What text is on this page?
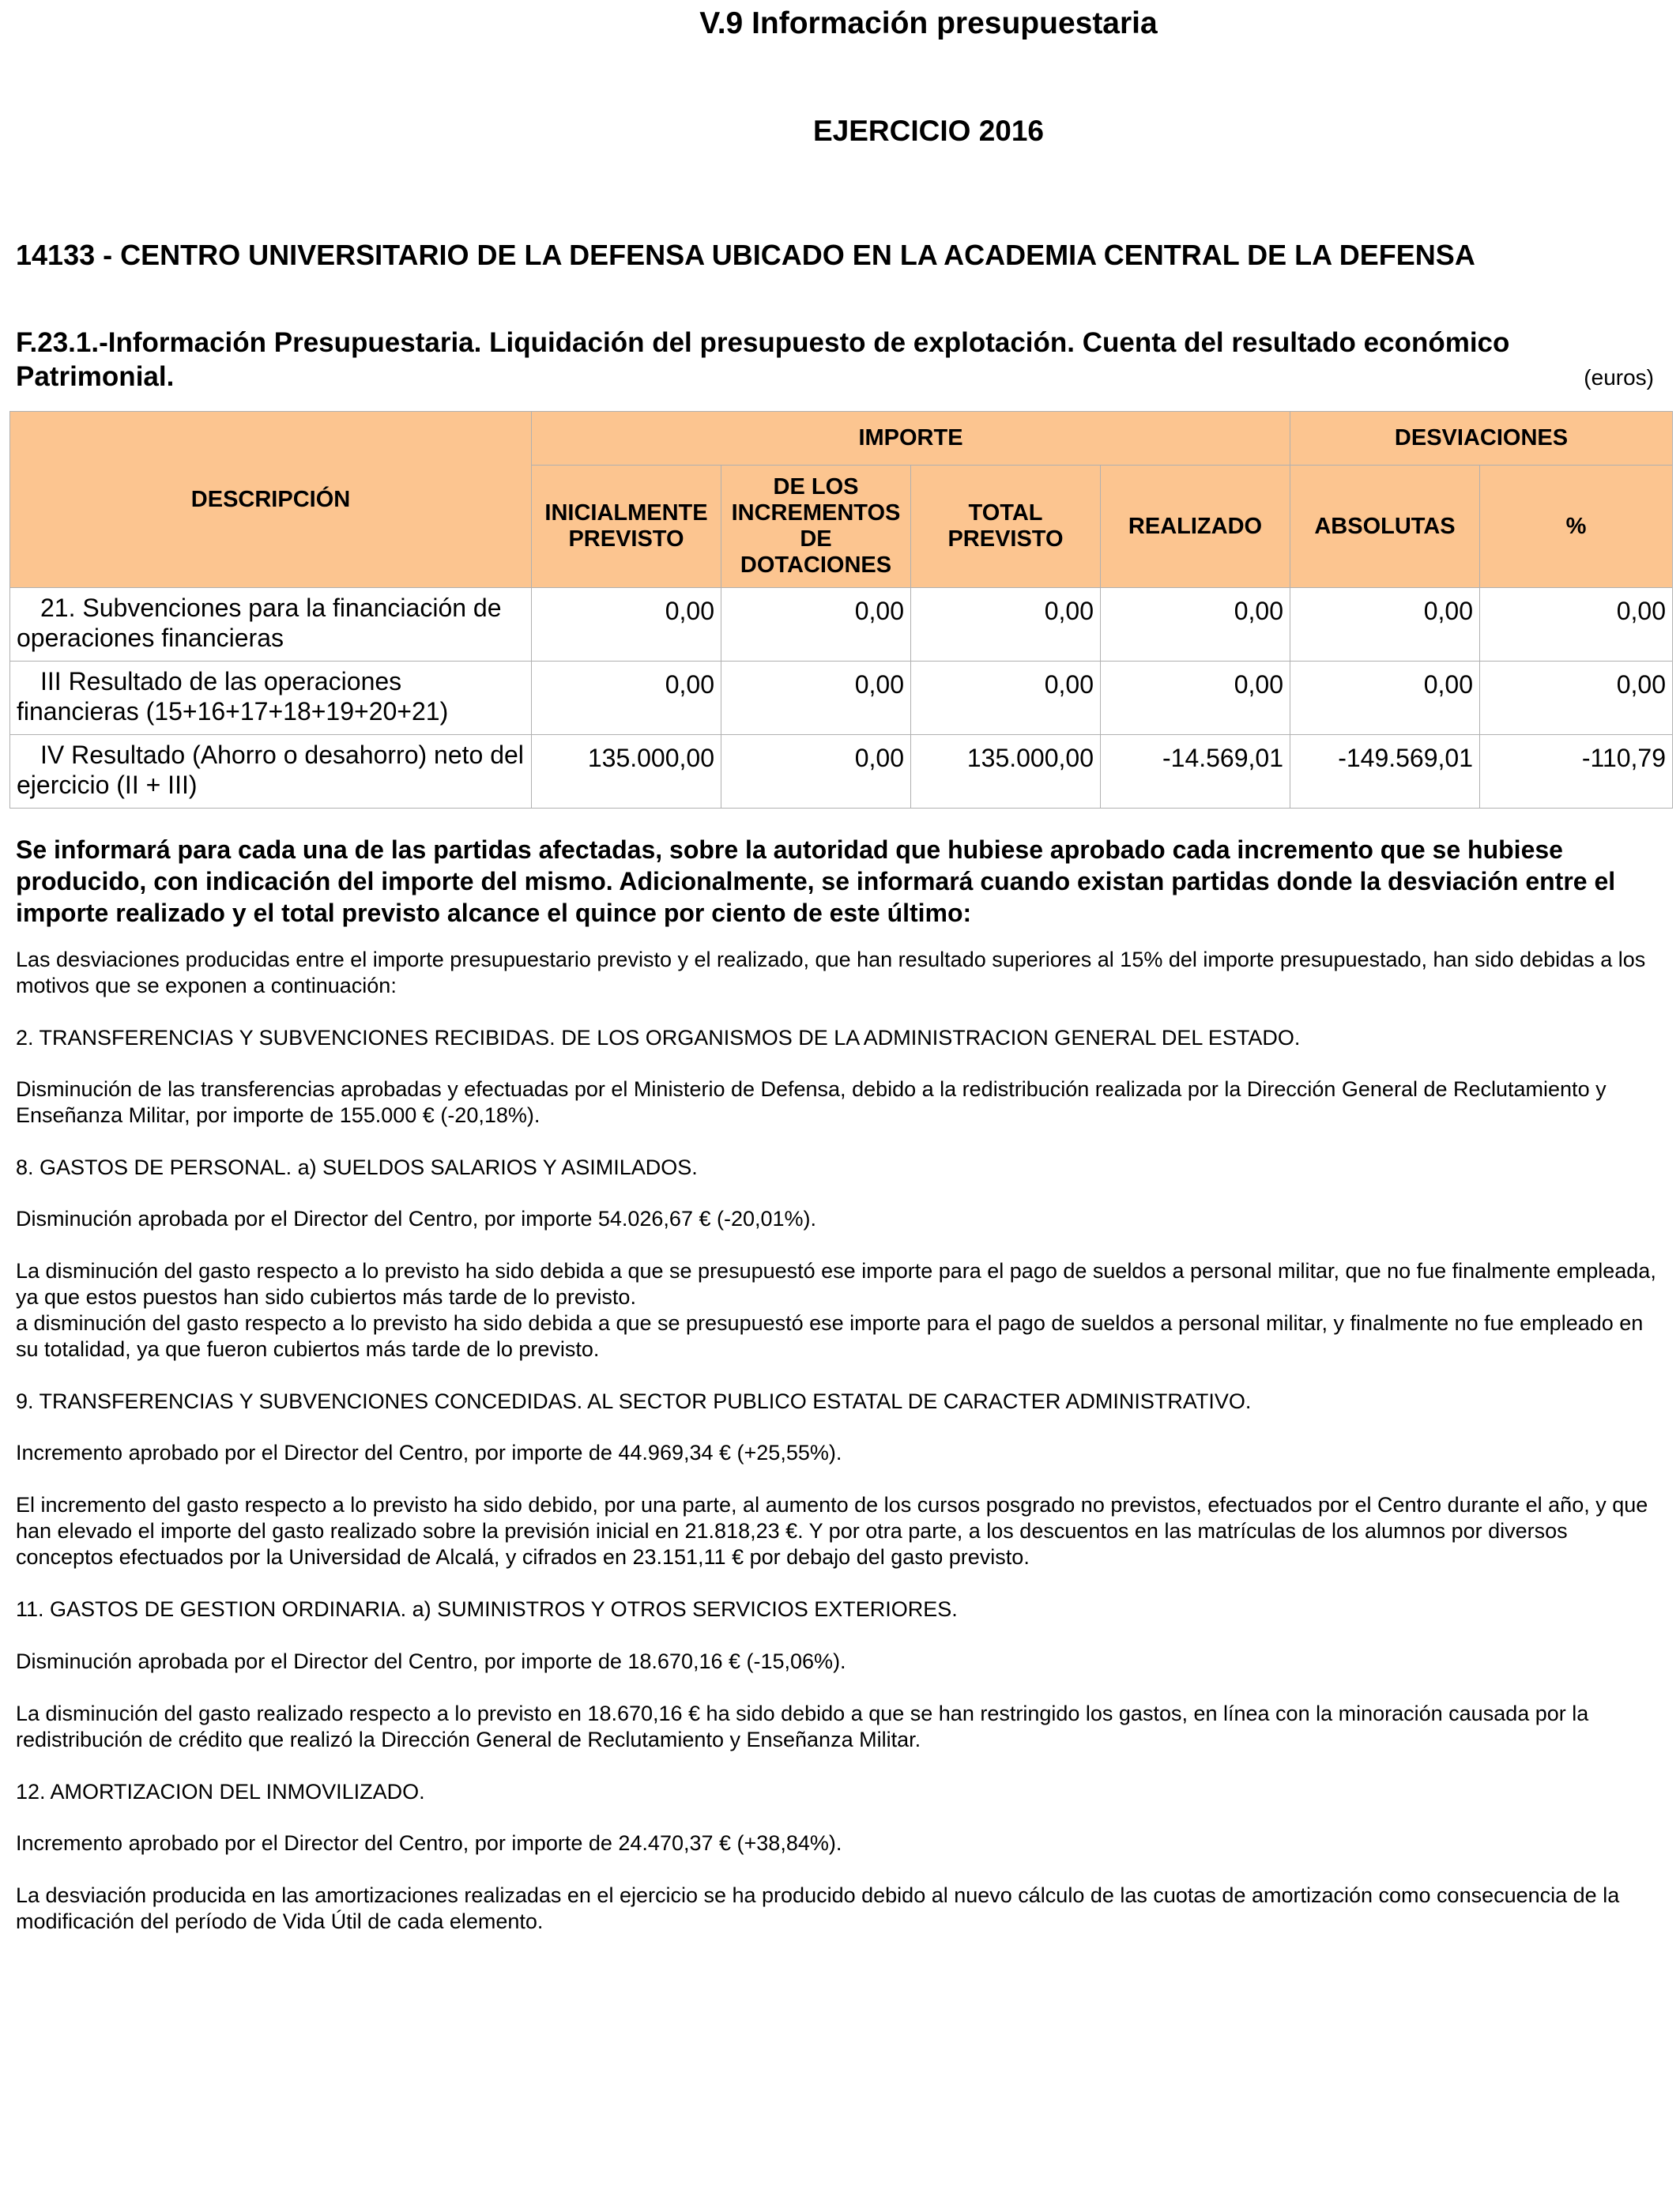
V.9 Información presupuestaria
EJERCICIO 2016
14133 - CENTRO UNIVERSITARIO DE LA DEFENSA UBICADO EN LA ACADEMIA CENTRAL DE LA DEFENSA
F.23.1.-Información Presupuestaria. Liquidación del presupuesto de explotación. Cuenta del resultado económico Patrimonial.	(euros)
DESCRIPCIÓN	IMPORTE				DESVIACIONES	
	INICIALMENTE PREVISTO	DE LOS INCREMENTOS DE DOTACIONES	TOTAL PREVISTO	REALIZADO	ABSOLUTAS	%
21. Subvenciones para la financiación de operaciones financieras	0,00	0,00	0,00	0,00	0,00	0,00
III Resultado de las operaciones financieras (15+16+17+18+19+20+21)	0,00	0,00	0,00	0,00	0,00	0,00
IV Resultado (Ahorro o desahorro) neto del ejercicio (II + III)	135.000,00	0,00	135.000,00	-14.569,01	-149.569,01	-110,79
Se informará para cada una de las partidas afectadas, sobre la autoridad que hubiese aprobado cada incremento que se hubiese producido, con indicación del importe del mismo. Adicionalmente, se informará cuando existan partidas donde la desviación entre el importe realizado y el total previsto alcance el quince por ciento de este último:
Las desviaciones producidas entre el importe presupuestario previsto y el realizado, que han resultado superiores al 15% del importe presupuestado, han sido debidas a los motivos que se exponen a continuación:
2. TRANSFERENCIAS Y SUBVENCIONES RECIBIDAS. DE LOS ORGANISMOS DE LA ADMINISTRACION GENERAL DEL ESTADO.
Disminución de las transferencias aprobadas y efectuadas por el Ministerio de Defensa, debido a la redistribución realizada por la Dirección General de Reclutamiento y Enseñanza Militar, por importe de 155.000 € (-20,18%).
8. GASTOS DE PERSONAL. a) SUELDOS SALARIOS Y ASIMILADOS.
Disminución aprobada por el Director del Centro, por importe 54.026,67 € (-20,01%).
La disminución del gasto respecto a lo previsto ha sido debida a que se presupuestó ese importe para el pago de sueldos a personal militar, que no fue finalmente empleada, ya que estos puestos han sido cubiertos más tarde de lo previsto.
a disminución del gasto respecto a lo previsto ha sido debida a que se presupuestó ese importe para el pago de sueldos a personal militar, y finalmente no fue empleado en su totalidad, ya que fueron cubiertos más tarde de lo previsto.
9. TRANSFERENCIAS Y SUBVENCIONES CONCEDIDAS. AL SECTOR PUBLICO ESTATAL DE CARACTER ADMINISTRATIVO.
Incremento aprobado por el Director del Centro, por importe de 44.969,34 € (+25,55%).
El incremento del gasto respecto a lo previsto ha sido debido, por una parte, al aumento de los cursos posgrado no previstos, efectuados por el Centro durante el año, y que han elevado el importe del gasto realizado sobre la previsión inicial en 21.818,23 €. Y por otra parte, a los descuentos en las matrículas de los alumnos por diversos conceptos efectuados por la Universidad de Alcalá, y cifrados en 23.151,11 € por debajo del gasto previsto.
11. GASTOS DE GESTION ORDINARIA. a) SUMINISTROS Y OTROS SERVICIOS EXTERIORES.
Disminución aprobada por el Director del Centro, por importe de 18.670,16 € (-15,06%).
La disminución del gasto realizado respecto a lo previsto en 18.670,16 € ha sido debido a que se han restringido los gastos, en línea con la minoración causada por la redistribución de crédito que realizó la Dirección General de Reclutamiento y Enseñanza Militar.
12. AMORTIZACION DEL INMOVILIZADO.
Incremento aprobado por el Director del Centro, por importe de 24.470,37 € (+38,84%).
La desviación producida en las amortizaciones realizadas en el ejercicio se ha producido debido al nuevo cálculo de las cuotas de amortización como consecuencia de la modificación del período de Vida Útil de cada elemento.
